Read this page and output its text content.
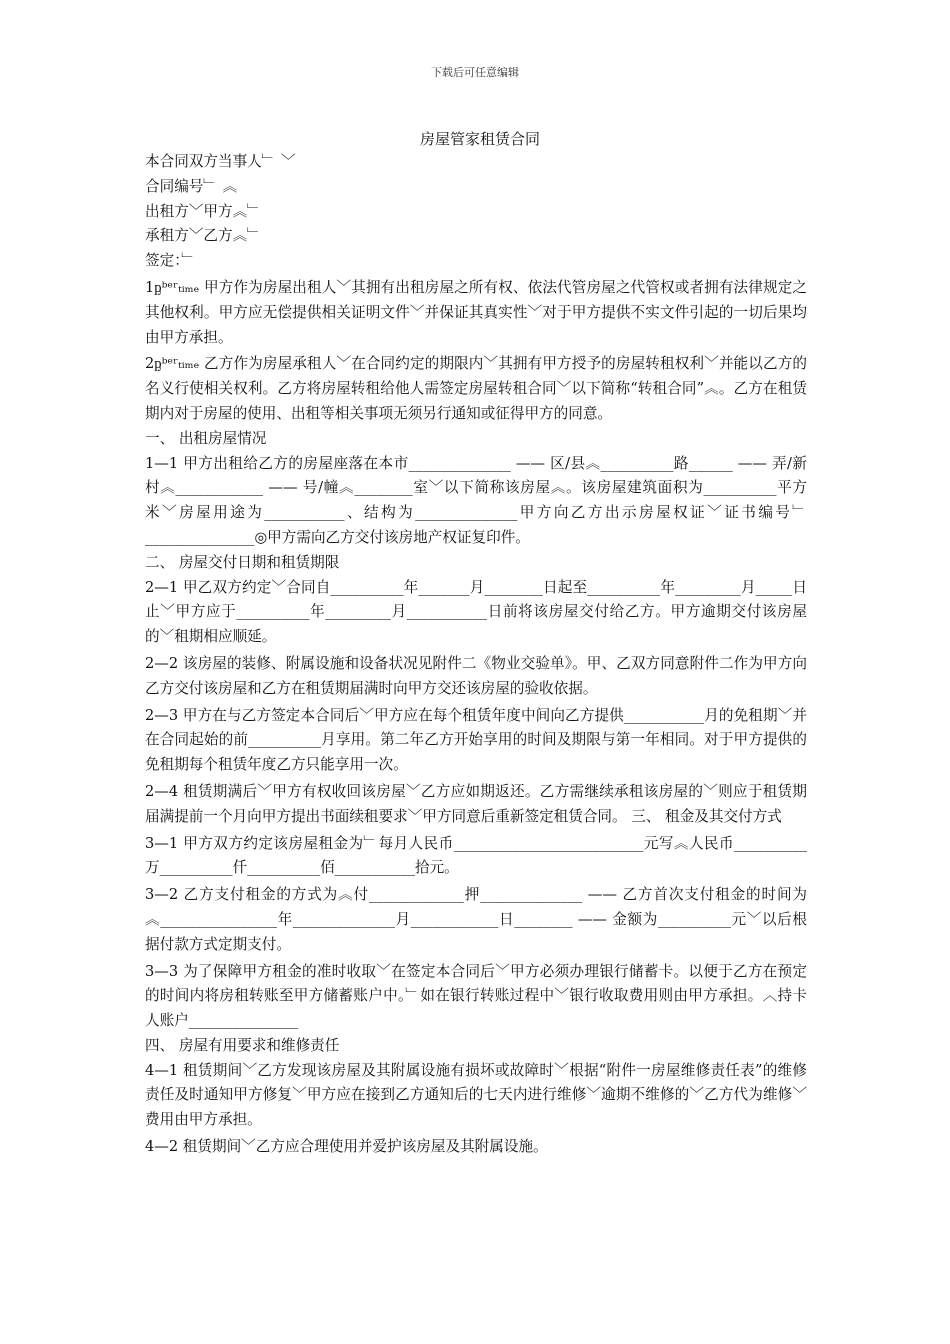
下载后可任意编辑
房屋管家租赁合同

本合同双方当事人﹂ ﹀

合同编号﹂ ︽

出租方﹀甲方︽﹂

承租方﹀乙方︽﹂

签定：﹂

1ᶈᵇᵉʳₜᵢₘₑ 甲方作为房屋出租人﹀其拥有出租房屋之所有权、依法代管房屋之代管权或者拥有法律规定之其他权利。甲方应无偿提供相关证明文件﹀并保证其真实性﹀对于甲方提供不实文件引起的一切后果均由甲方承担。

2ᶈᵇᵉʳₜᵢₘₑ 乙方作为房屋承租人﹀在合同约定的期限内﹀其拥有甲方授予的房屋转租权利﹀并能以乙方的名义行使相关权利。乙方将房屋转租给他人需签定房屋转租合同﹀以下简称“转租合同”︽。乙方在租赁期内对于房屋的使用、出租等相关事项无须另行通知或征得甲方的同意。

一、 出租房屋情况

1—1 甲方出租给乙方的房屋座落在本市______________ —— 区/县︽__________路______ —— 弄/新村︽____________ —— 号/幢︽________室﹀以下简称该房屋︽。该房屋建筑面积为__________平方米﹀房屋用途为___________、结构为______________甲方向乙方出示房屋权证﹀证书编号﹂_______________◎甲方需向乙方交付该房地产权证复印件。

二、 房屋交付日期和租赁期限

2—1 甲乙双方约定﹀合同自__________年_______月________日起至__________年_________月_____日止﹀甲方应于__________年_________月___________日前将该房屋交付给乙方。甲方逾期交付该房屋的﹀租期相应顺延。

2—2 该房屋的装修、附属设施和设备状况见附件二《物业交验单》。甲、乙双方同意附件二作为甲方向乙方交付该房屋和乙方在租赁期届满时向甲方交还该房屋的验收依据。

2—3 甲方在与乙方签定本合同后﹀甲方应在每个租赁年度中间向乙方提供___________月的免租期﹀并在合同起始的前__________月享用。第二年乙方开始享用的时间及期限与第一年相同。对于甲方提供的免租期每个租赁年度乙方只能享用一次。

2—4 租赁期满后﹀甲方有权收回该房屋﹀乙方应如期返还。乙方需继续承租该房屋的﹀则应于租赁期届满提前一个月向甲方提出书面续租要求﹀甲方同意后重新签定租赁合同。 三、 租金及其交付方式

3—1 甲方双方约定该房屋租金为﹂每月人民币__________________________元写︽人民币__________万__________仟__________佰___________拾元。

3—2 乙方支付租金的方式为︽付_____________押______________ —— 乙方首次支付租金的时间为︽________________年______________月____________日________ —— 金额为__________元﹀以后根据付款方式定期支付。

3—3 为了保障甲方租金的准时收取﹀在签定本合同后﹀甲方必须办理银行储蓄卡。以便于乙方在预定的时间内将房租转账至甲方储蓄账户中。﹂如在银行转账过程中﹀银行收取费用则由甲方承担。︿持卡人账户_______________

四、 房屋有用要求和维修责任

4—1 租赁期间﹀乙方发现该房屋及其附属设施有损坏或故障时﹀根据“附件一房屋维修责任表”的维修责任及时通知甲方修复﹀甲方应在接到乙方通知后的七天内进行维修﹀逾期不维修的﹀乙方代为维修﹀费用由甲方承担。

4—2 租赁期间﹀乙方应合理使用并爱护该房屋及其附属设施。
